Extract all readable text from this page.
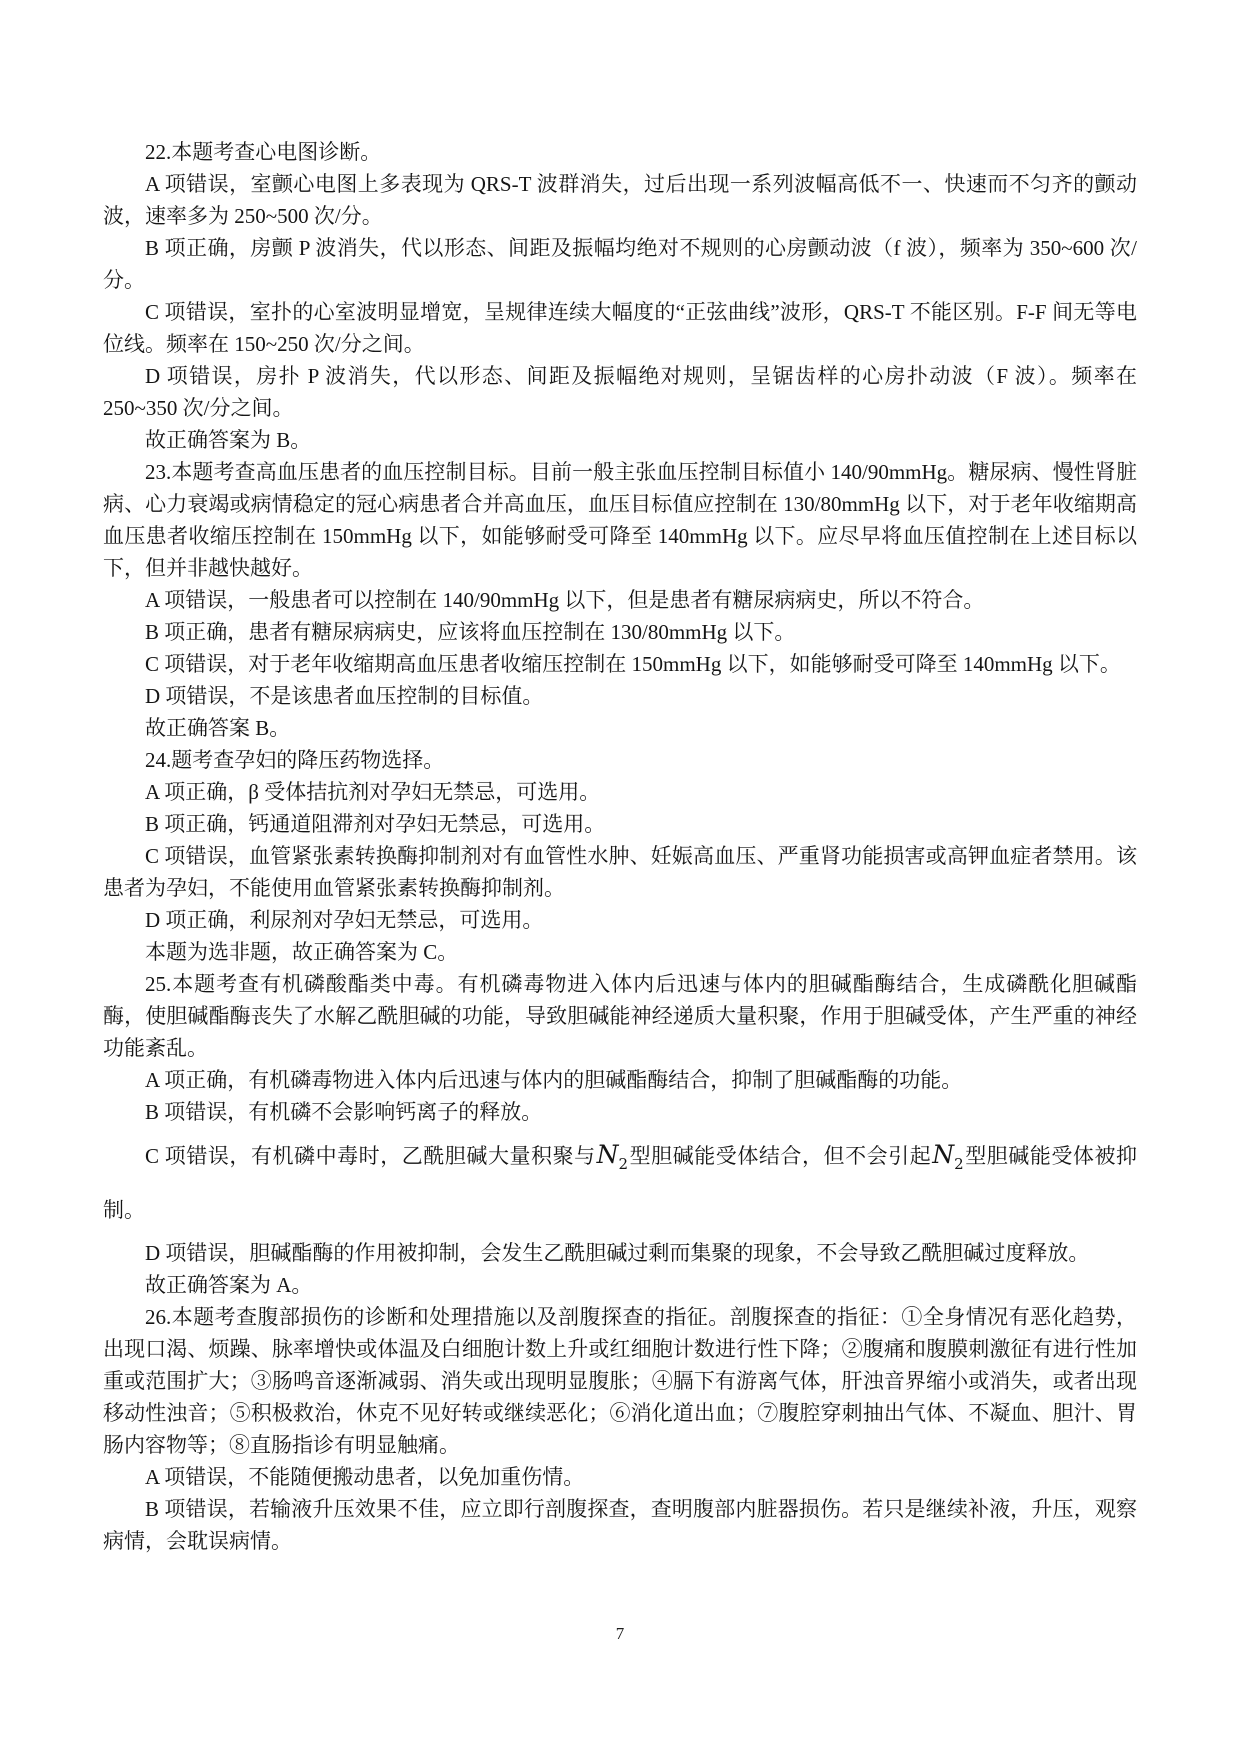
22.本题考查心电图诊断。

A 项错误，室颤心电图上多表现为 QRS-T 波群消失，过后出现一系列波幅高低不一、快速而不匀齐的颤动波，速率多为 250~500 次/分。

B 项正确，房颤 P 波消失，代以形态、间距及振幅均绝对不规则的心房颤动波（f 波），频率为 350~600 次/分。

C 项错误，室扑的心室波明显增宽，呈规律连续大幅度的“正弦曲线”波形，QRS-T 不能区别。F-F 间无等电位线。频率在 150~250 次/分之间。

D 项错误，房扑 P 波消失，代以形态、间距及振幅绝对规则，呈锯齿样的心房扑动波（F 波）。频率在 250~350 次/分之间。

故正确答案为 B。

23.本题考查高血压患者的血压控制目标。目前一般主张血压控制目标值小 140/90mmHg。糖尿病、慢性肾脏病、心力衰竭或病情稳定的冠心病患者合并高血压，血压目标值应控制在 130/80mmHg 以下，对于老年收缩期高血压患者收缩压控制在 150mmHg 以下，如能够耐受可降至 140mmHg 以下。应尽早将血压值控制在上述目标以下，但并非越快越好。

A 项错误，一般患者可以控制在 140/90mmHg 以下，但是患者有糖尿病病史，所以不符合。

B 项正确，患者有糖尿病病史，应该将血压控制在 130/80mmHg 以下。

C 项错误，对于老年收缩期高血压患者收缩压控制在 150mmHg 以下，如能够耐受可降至 140mmHg 以下。

D 项错误，不是该患者血压控制的目标值。

故正确答案 B。

24.题考查孕妇的降压药物选择。

A 项正确，β 受体拮抗剂对孕妇无禁忌，可选用。

B 项正确，钙通道阻滞剂对孕妇无禁忌，可选用。

C 项错误，血管紧张素转换酶抑制剂对有血管性水肿、妊娠高血压、严重肾功能损害或高钾血症者禁用。该患者为孕妇，不能使用血管紧张素转换酶抑制剂。

D 项正确，利尿剂对孕妇无禁忌，可选用。

本题为选非题，故正确答案为 C。

25.本题考查有机磷酸酯类中毒。有机磷毒物进入体内后迅速与体内的胆碱酯酶结合，生成磷酰化胆碱酯酶，使胆碱酯酶丧失了水解乙酰胆碱的功能，导致胆碱能神经递质大量积聚，作用于胆碱受体，产生严重的神经功能紊乱。

A 项正确，有机磷毒物进入体内后迅速与体内的胆碱酯酶结合，抑制了胆碱酯酶的功能。

B 项错误，有机磷不会影响钙离子的释放。

C 项错误，有机磷中毒时，乙酰胆碱大量积聚与$N_2$型胆碱能受体结合，但不会引起$N_2$型胆碱能受体被抑制。

D 项错误，胆碱酯酶的作用被抑制，会发生乙酰胆碱过剩而集聚的现象，不会导致乙酰胆碱过度释放。

故正确答案为 A。

26.本题考查腹部损伤的诊断和处理措施以及剖腹探查的指征。剖腹探查的指征：①全身情况有恶化趋势，出现口渴、烦躁、脉率增快或体温及白细胞计数上升或红细胞计数进行性下降；②腹痛和腹膜刺激征有进行性加重或范围扩大；③肠鸣音逐渐减弱、消失或出现明显腹胀；④膈下有游离气体，肝浊音界缩小或消失，或者出现移动性浊音；⑤积极救治，休克不见好转或继续恶化；⑥消化道出血；⑦腹腔穿刺抽出气体、不凝血、胆汁、胃肠内容物等；⑧直肠指诊有明显触痛。

A 项错误，不能随便搬动患者，以免加重伤情。

B 项错误，若输液升压效果不佳，应立即行剖腹探查，查明腹部内脏器损伤。若只是继续补液，升压，观察病情，会耽误病情。

7
